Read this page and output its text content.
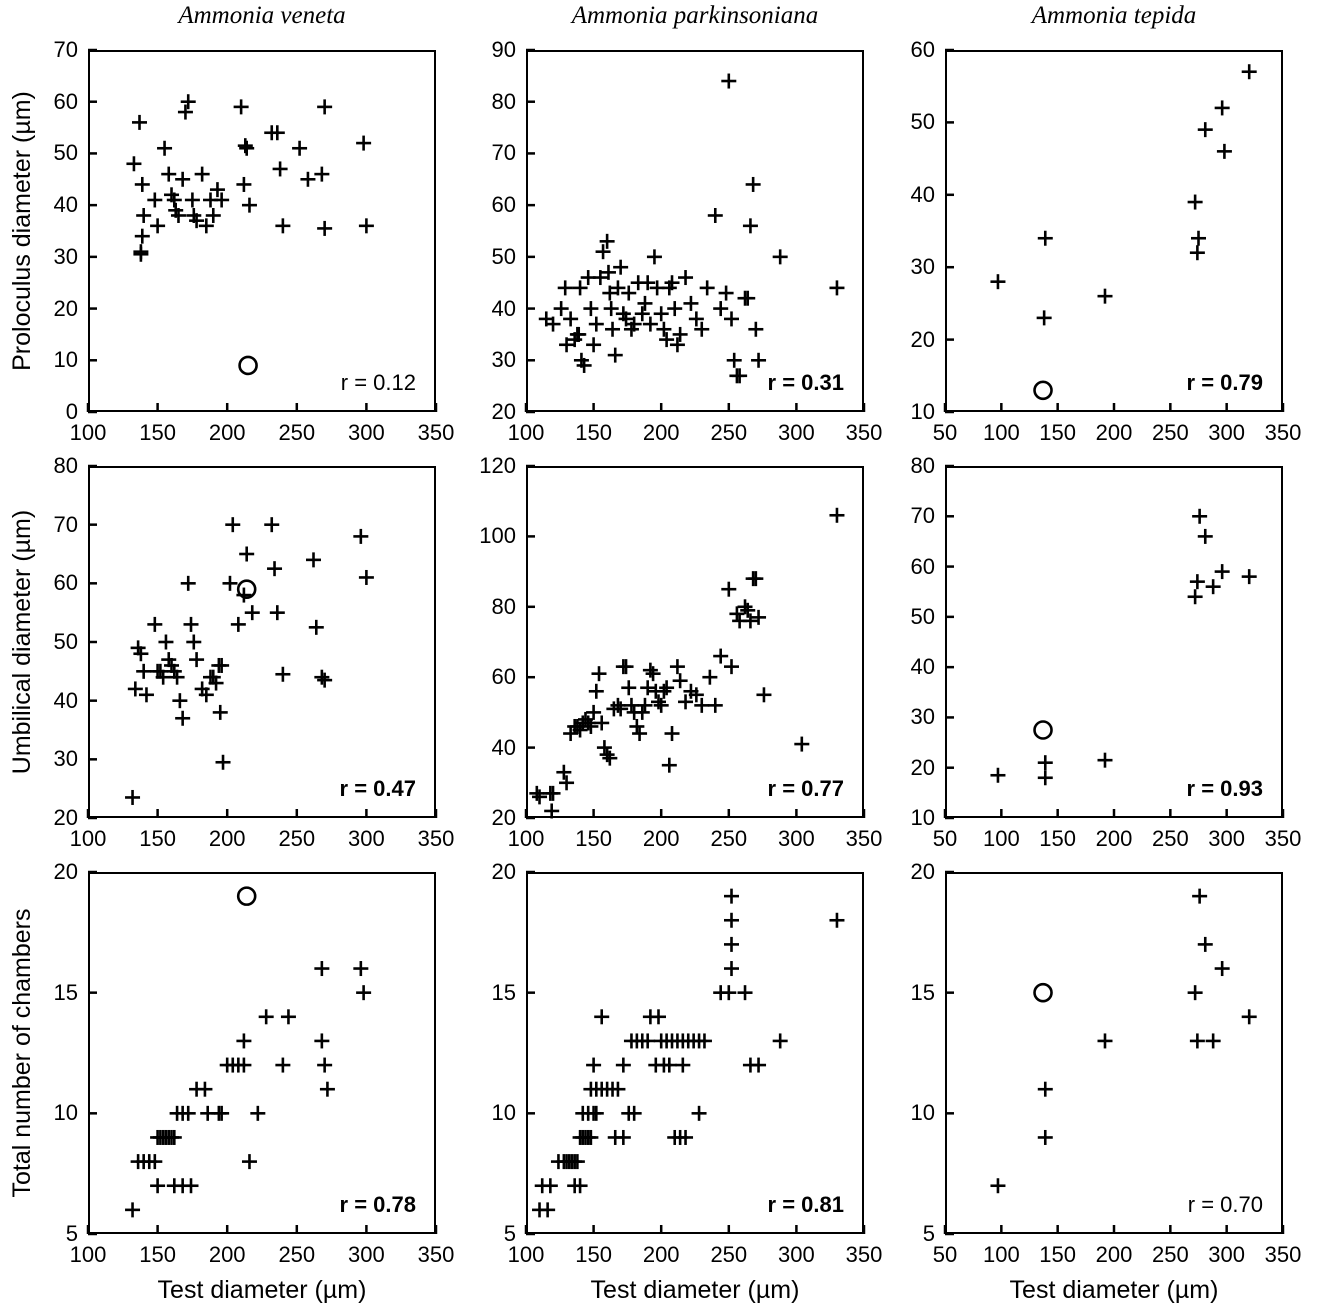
Ammonia veneta	Ammonia parkinsoniana	Ammonia tepida
Proloculus diameter (µm)
Umbilical diameter (µm)
Total number of chambers
100	150	200	250	300	350
0
10
20
30
40
50
60
70
r = 0.12
100	150	200	250	300	350
20
30
40
50
60
70
80
90
r = 0.31
50	100 150 200 250 300 350
10
20
30
40
50
60
r = 0.79
100	150	200	250	300	350
20
30
40
50
60
70
80
r = 0.47
100	150	200	250	300	350
20
40
60
80
100
120
r = 0.77
50	100 150 200 250 300 350
10
20
30
40
50
60
70
80
r = 0.93
100	150	200	250	300	350
5
10
15
20
r = 0.78
Test diameter (µm)
100	150	200	250	300	350
5
10
15
20
r = 0.81
Test diameter (µm)
50	100 150 200 250 300 350
5
10
15
20
r = 0.70
Test diameter (µm)
